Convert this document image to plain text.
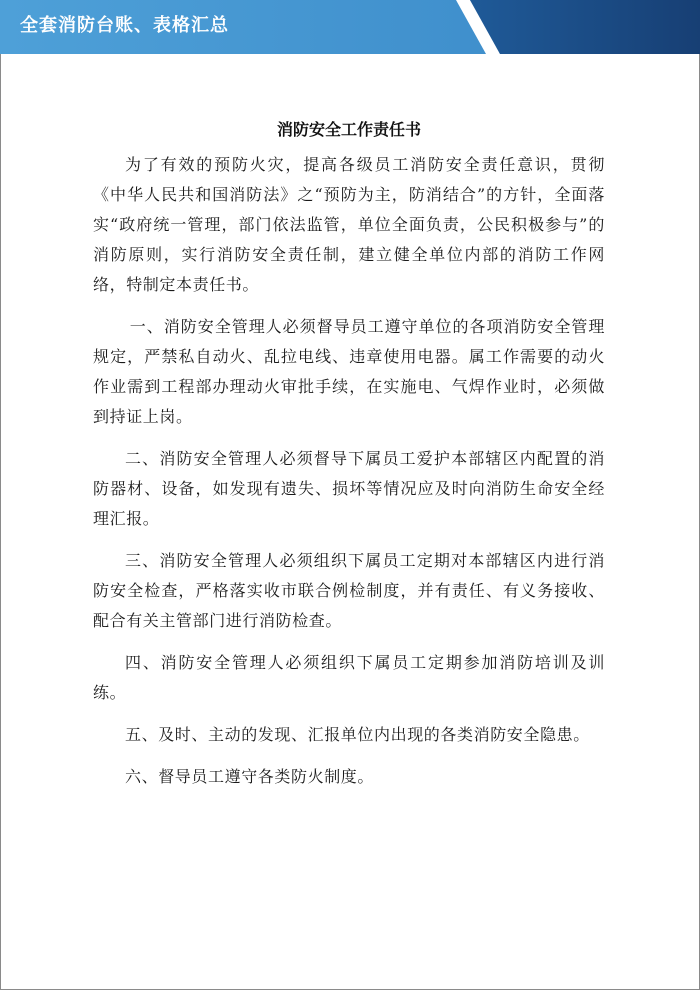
全套消防台账、表格汇总
消防安全工作责任书

为了有效的预防火灾，提高各级员工消防安全责任意识，贯彻《中华人民共和国消防法》之“预防为主，防消结合”的方针，全面落实“政府统一管理，部门依法监管，单位全面负责，公民积极参与”的消防原则，实行消防安全责任制，建立健全单位内部的消防工作网络，特制定本责任书。

一、消防安全管理人必须督导员工遵守单位的各项消防安全管理规定，严禁私自动火、乱拉电线、违章使用电器。属工作需要的动火作业需到工程部办理动火审批手续，在实施电、气焊作业时，必须做到持证上岗。

二、消防安全管理人必须督导下属员工爱护本部辖区内配置的消防器材、设备，如发现有遗失、损坏等情况应及时向消防生命安全经理汇报。

三、消防安全管理人必须组织下属员工定期对本部辖区内进行消防安全检查，严格落实收市联合例检制度，并有责任、有义务接收、配合有关主管部门进行消防检查。

四、消防安全管理人必须组织下属员工定期参加消防培训及训练。

五、及时、主动的发现、汇报单位内出现的各类消防安全隐患。

六、督导员工遵守各类防火制度。
